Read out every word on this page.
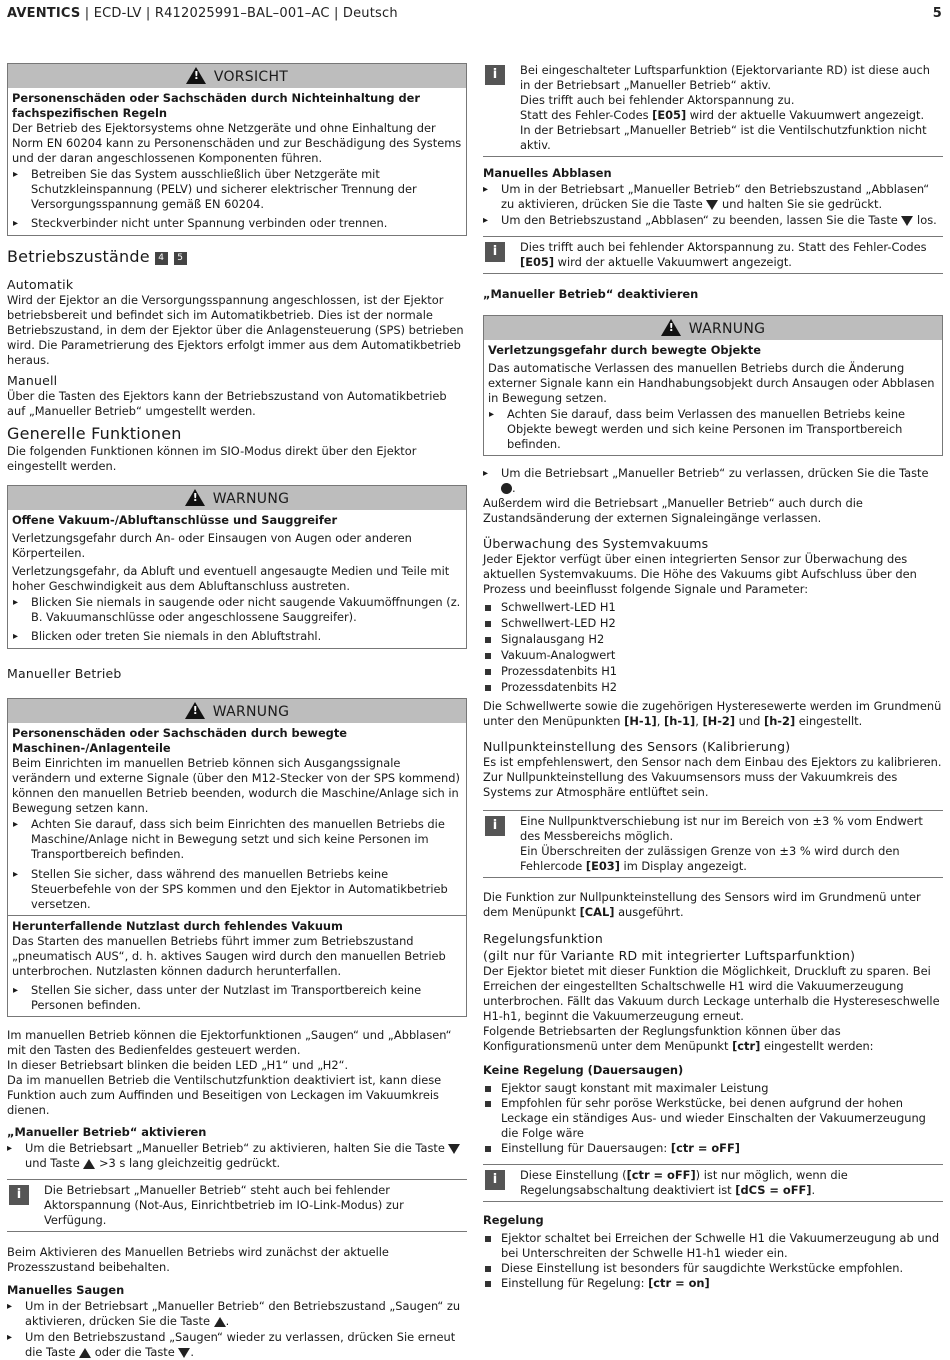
AVENTICS | ECD-LV | R412025991–BAL–001–AC | Deutsch	5
!VORSICHT
Personenschäden oder Sachschäden durch Nichteinhaltung der fachspezifischen Regeln
Der Betrieb des Ejektorsystems ohne Netzgeräte und ohne Einhaltung der Norm EN 60204 kann zu Personenschäden und zur Beschädigung des Systems und der daran angeschlossenen Komponenten führen.
▸ Betreiben Sie das System ausschließlich über Netzgeräte mit Schutzkleinspannung (PELV) und sicherer elektrischer Trennung der Versorgungsspannung gemäß EN 60204.
▸ Steckverbinder nicht unter Spannung verbinden oder trennen.
Betriebszustände 4 5
Automatik

Wird der Ejektor an die Versorgungsspannung angeschlossen, ist der Ejektor betriebsbereit und befindet sich im Automatikbetrieb. Dies ist der normale Betriebszustand, in dem der Ejektor über die Anlagensteuerung (SPS) betrieben wird. Die Parametrierung des Ejektors erfolgt immer aus dem Automatikbetrieb heraus.

Manuell

Über die Tasten des Ejektors kann der Betriebszustand von Automatikbetrieb auf „Manueller Betrieb“ umgestellt werden.

Generelle Funktionen

Die folgenden Funktionen können im SIO-Modus direkt über den Ejektor eingestellt werden.

!WARNUNG
Offene Vakuum-/Abluftanschlüsse und Sauggreifer
Verletzungsgefahr durch An- oder Einsaugen von Augen oder anderen Körperteilen.
Verletzungsgefahr, da Abluft und eventuell angesaugte Medien und Teile mit hoher Geschwindigkeit aus dem Abluftanschluss austreten.
▸ Blicken Sie niemals in saugende oder nicht saugende Vakuumöffnungen (z. B. Vakuumanschlüsse oder angeschlossene Sauggreifer).
▸ Blicken oder treten Sie niemals in den Abluftstrahl.
Manueller Betrieb
!WARNUNG
Personenschäden oder Sachschäden durch bewegte Maschinen-/Anlagenteile
Beim Einrichten im manuellen Betrieb können sich Ausgangssignale verändern und externe Signale (über den M12-Stecker von der SPS kommend) können den manuellen Betrieb beenden, wodurch die Maschine/Anlage sich in Bewegung setzen kann.
▸ Achten Sie darauf, dass sich beim Einrichten des manuellen Betriebs die Maschine/Anlage nicht in Bewegung setzt und sich keine Personen im Transportbereich befinden.
▸ Stellen Sie sicher, dass während des manuellen Betriebs keine Steuerbefehle von der SPS kommen und den Ejektor in Automatikbetrieb versetzen.
Herunterfallende Nutzlast durch fehlendes Vakuum
Das Starten des manuellen Betriebs führt immer zum Betriebszustand „pneumatisch AUS“, d. h. aktives Saugen wird durch den manuellen Betrieb unterbrochen. Nutzlasten können dadurch herunterfallen.
▸ Stellen Sie sicher, dass unter der Nutzlast im Transportbereich keine Personen befinden.

Im manuellen Betrieb können die Ejektorfunktionen „Saugen“ und „Abblasen“ mit den Tasten des Bedienfeldes gesteuert werden.

In dieser Betriebsart blinken die beiden LED „H1“ und „H2“.

Da im manuellen Betrieb die Ventilschutzfunktion deaktiviert ist, kann diese Funktion auch zum Auffinden und Beseitigen von Leckagen im Vakuumkreis dienen.

„Manueller Betrieb“ aktivieren
▸ Um die Betriebsart „Manueller Betrieb“ zu aktivieren, halten Sie die Taste  und Taste  >3 s lang gleichzeitig gedrückt.
i	Die Betriebsart „Manueller Betrieb“ steht auch bei fehlender Aktorspannung (Not-Aus, Einrichtbetrieb im IO-Link-Modus) zur Verfügung.

Beim Aktivieren des Manuellen Betriebs wird zunächst der aktuelle Prozesszustand beibehalten.

Manuelles Saugen
▸ Um in der Betriebsart „Manueller Betrieb“ den Betriebszustand „Saugen“ zu aktivieren, drücken Sie die Taste .
▸ Um den Betriebszustand „Saugen“ wieder zu verlassen, drücken Sie erneut die Taste  oder die Taste .
i	Bei eingeschalteter Luftsparfunktion (Ejektorvariante RD) ist diese auch in der Betriebsart „Manueller Betrieb“ aktiv.
Dies trifft auch bei fehlender Aktorspannung zu.
Statt des Fehler-Codes [E05] wird der aktuelle Vakuumwert angezeigt.
In der Betriebsart „Manueller Betrieb“ ist die Ventilschutzfunktion nicht aktiv.
Manuelles Abblasen
▸ Um in der Betriebsart „Manueller Betrieb“ den Betriebszustand „Abblasen“ zu aktivieren, drücken Sie die Taste  und halten Sie sie gedrückt.
▸ Um den Betriebszustand „Abblasen“ zu beenden, lassen Sie die Taste  los.
i	Dies trifft auch bei fehlender Aktorspannung zu. Statt des Fehler-Codes [E05] wird der aktuelle Vakuumwert angezeigt.
„Manueller Betrieb“ deaktivieren
!WARNUNG
Verletzungsgefahr durch bewegte Objekte
Das automatische Verlassen des manuellen Betriebs durch die Änderung externer Signale kann ein Handhabungsobjekt durch Ansaugen oder Abblasen in Bewegung setzen.
▸ Achten Sie darauf, dass beim Verlassen des manuellen Betriebs keine Objekte bewegt werden und sich keine Personen im Transportbereich befinden.
▸ Um die Betriebsart „Manueller Betrieb“ zu verlassen, drücken Sie die Taste .

Außerdem wird die Betriebsart „Manueller Betrieb“ auch durch die Zustandsänderung der externen Signaleingänge verlassen.

Überwachung des Systemvakuums

Jeder Ejektor verfügt über einen integrierten Sensor zur Überwachung des aktuellen Systemvakuums. Die Höhe des Vakuums gibt Aufschluss über den Prozess und beeinflusst folgende Signale und Parameter:

Schwellwert-LED H1
Schwellwert-LED H2
Signalausgang H2
Vakuum-Analogwert
Prozessdatenbits H1
Prozessdatenbits H2

Die Schwellwerte sowie die zugehörigen Hysteresewerte werden im Grundmenü unter den Menüpunkten [H-1], [h-1], [H-2] und [h-2] eingestellt.

Nullpunkteinstellung des Sensors (Kalibrierung)

Es ist empfehlenswert, den Sensor nach dem Einbau des Ejektors zu kalibrieren. Zur Nullpunkteinstellung des Vakuumsensors muss der Vakuumkreis des Systems zur Atmosphäre entlüftet sein.

i	Eine Nullpunktverschiebung ist nur im Bereich von ±3 % vom Endwert des Messbereichs möglich.
Ein Überschreiten der zulässigen Grenze von ±3 % wird durch den Fehlercode [E03] im Display angezeigt.

Die Funktion zur Nullpunkteinstellung des Sensors wird im Grundmenü unter dem Menüpunkt [CAL] ausgeführt.

Regelungsfunktion
(gilt nur für Variante RD mit integrierter Luftsparfunktion)

Der Ejektor bietet mit dieser Funktion die Möglichkeit, Druckluft zu sparen. Bei Erreichen der eingestellten Schaltschwelle H1 wird die Vakuumerzeugung unterbrochen. Fällt das Vakuum durch Leckage unterhalb die Hystereseschwelle H1-h1, beginnt die Vakuumerzeugung erneut.

Folgende Betriebsarten der Reglungsfunktion können über das Konfigurationsmenü unter dem Menüpunkt [ctr] eingestellt werden:

Keine Regelung (Dauersaugen)
Ejektor saugt konstant mit maximaler Leistung
Empfohlen für sehr poröse Werkstücke, bei denen aufgrund der hohen Leckage ein ständiges Aus- und wieder Einschalten der Vakuumerzeugung die Folge wäre
Einstellung für Dauersaugen: [ctr = oFF]
i	Diese Einstellung ([ctr = oFF]) ist nur möglich, wenn die Regelungsabschaltung deaktiviert ist [dCS = oFF].
Regelung
Ejektor schaltet bei Erreichen der Schwelle H1 die Vakuumerzeugung ab und bei Unterschreiten der Schwelle H1-h1 wieder ein.
Diese Einstellung ist besonders für saugdichte Werkstücke empfohlen.
Einstellung für Regelung: [ctr = on]
